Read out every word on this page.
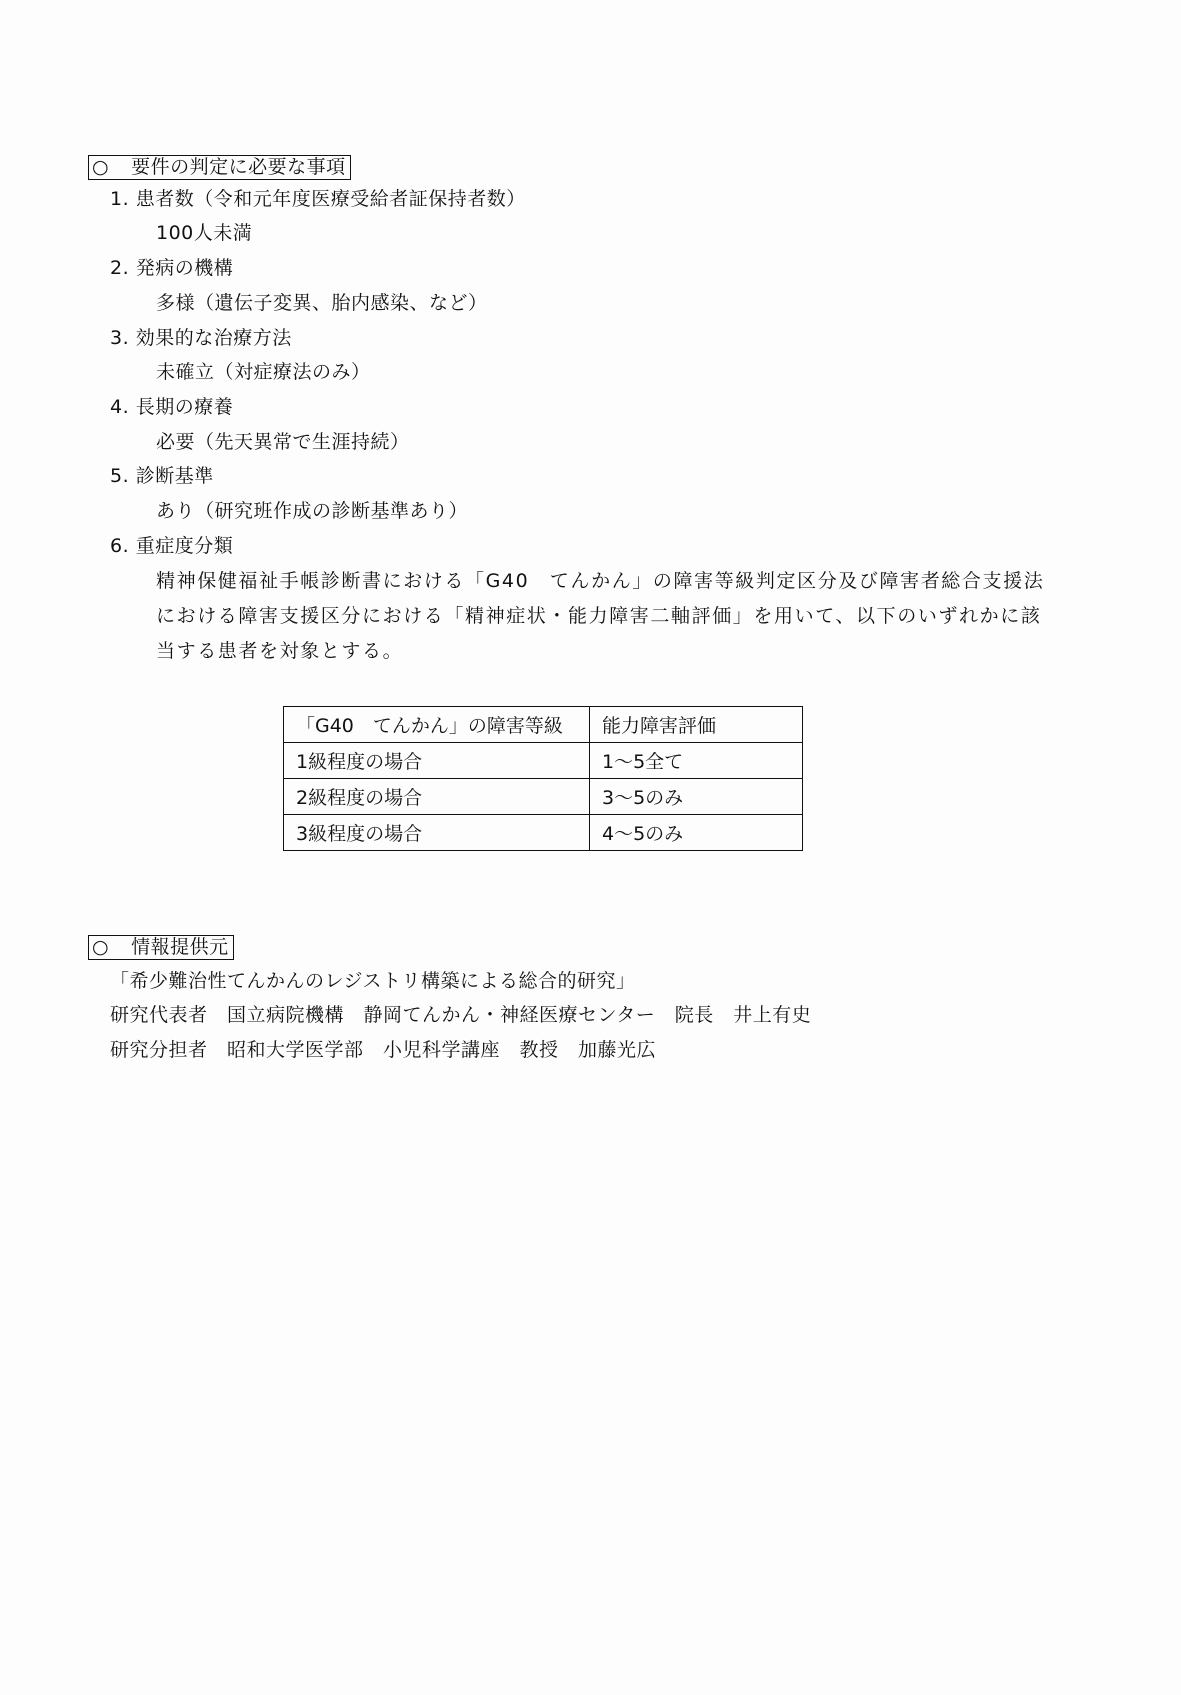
○ 要件の判定に必要な事項
1. 患者数（令和元年度医療受給者証保持者数）
100人未満
2. 発病の機構
多様（遺伝子変異、胎内感染、など）
3. 効果的な治療方法
未確立（対症療法のみ）
4. 長期の療養
必要（先天異常で生涯持続）
5. 診断基準
あり（研究班作成の診断基準あり）
6. 重症度分類
精神保健福祉手帳診断書における「G40　てんかん」の障害等級判定区分及び障害者総合支援法
における障害支援区分における「精神症状・能力障害二軸評価」を用いて、以下のいずれかに該
当する患者を対象とする。
「G40　てんかん」の障害等級	能力障害評価
1級程度の場合	1～5全て
2級程度の場合	3～5のみ
3級程度の場合	4～5のみ
○ 情報提供元
「希少難治性てんかんのレジストリ構築による総合的研究」
研究代表者　国立病院機構　静岡てんかん・神経医療センター　院長　井上有史
研究分担者　昭和大学医学部　小児科学講座　教授　加藤光広
